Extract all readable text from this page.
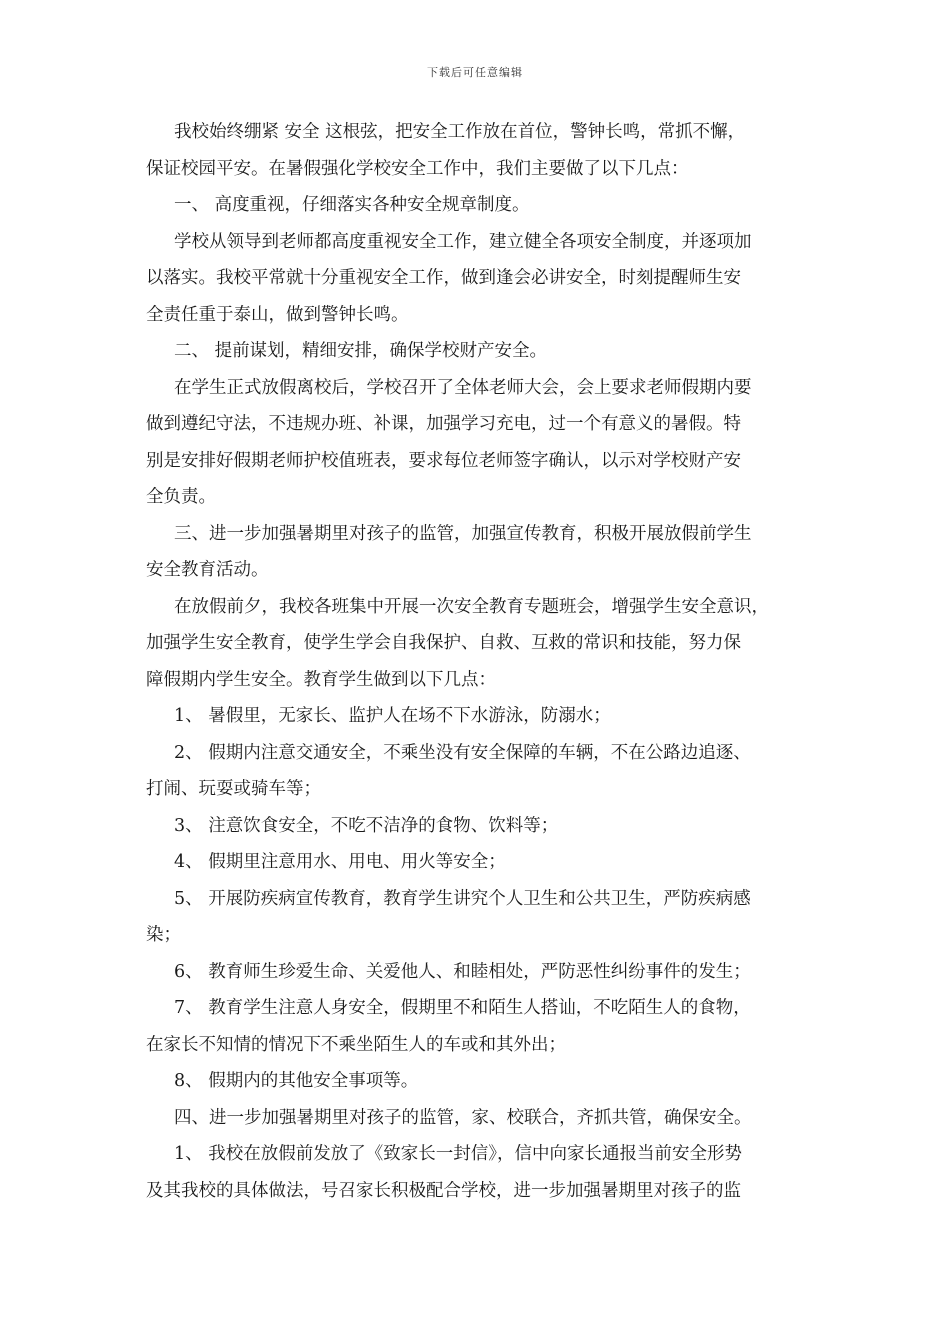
下载后可任意编辑
我校始终绷紧 安全 这根弦，把安全工作放在首位，警钟长鸣，常抓不懈，
保证校园平安。在暑假强化学校安全工作中，我们主要做了以下几点：
一、 高度重视，仔细落实各种安全规章制度。
学校从领导到老师都高度重视安全工作，建立健全各项安全制度，并逐项加
以落实。我校平常就十分重视安全工作，做到逢会必讲安全，时刻提醒师生安
全责任重于泰山，做到警钟长鸣。
二、 提前谋划，精细安排，确保学校财产安全。
在学生正式放假离校后，学校召开了全体老师大会，会上要求老师假期内要
做到遵纪守法，不违规办班、补课，加强学习充电，过一个有意义的暑假。特
别是安排好假期老师护校值班表，要求每位老师签字确认，以示对学校财产安
全负责。
三、进一步加强暑期里对孩子的监管，加强宣传教育，积极开展放假前学生
安全教育活动。
在放假前夕，我校各班集中开展一次安全教育专题班会，增强学生安全意识，
加强学生安全教育，使学生学会自我保护、自救、互救的常识和技能，努力保
障假期内学生安全。教育学生做到以下几点：
1、 暑假里，无家长、监护人在场不下水游泳，防溺水；
2、 假期内注意交通安全，不乘坐没有安全保障的车辆，不在公路边追逐、
打闹、玩耍或骑车等；
3、 注意饮食安全，不吃不洁净的食物、饮料等；
4、 假期里注意用水、用电、用火等安全；
5、 开展防疾病宣传教育，教育学生讲究个人卫生和公共卫生，严防疾病感
染；
6、 教育师生珍爱生命、关爱他人、和睦相处，严防恶性纠纷事件的发生；
7、 教育学生注意人身安全，假期里不和陌生人搭讪，不吃陌生人的食物，
在家长不知情的情况下不乘坐陌生人的车或和其外出；
8、 假期内的其他安全事项等。
四、进一步加强暑期里对孩子的监管，家、校联合，齐抓共管，确保安全。
1、 我校在放假前发放了《致家长一封信》，信中向家长通报当前安全形势
及其我校的具体做法，号召家长积极配合学校，进一步加强暑期里对孩子的监
